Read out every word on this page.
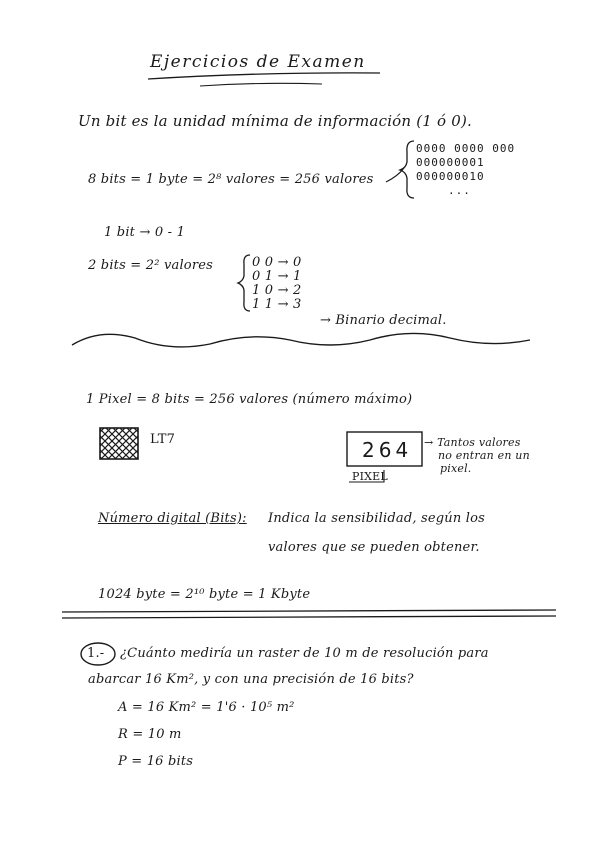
Ejercicios de Examen
Un bit es la unidad mínima de información (1 ó 0).
8 bits = 1 byte = 2⁸ valores = 256 valores
0000 0000 000
000000001
000000010
...
1 bit → 0 - 1
2 bits = 2² valores	0 0 → 0
0 1 → 1
1 0 → 2
1 1 → 3
→ Binario decimal.
1 Pixel = 8 bits = 256 valores (número máximo)
LT7	264
PIXEL
→ Tantos valores
no entran en un
pixel.
Número digital (Bits): Indica la sensibilidad, según los
valores que se pueden obtener.
1024 byte = 2¹⁰ byte = 1 Kbyte
1.- ¿Cuánto mediría un raster de 10 m de resolución para
abarcar 16 Km², y con una precisión de 16 bits?
A = 16 Km² = 1'6 · 10⁵ m²
R = 10 m
P = 16 bits
